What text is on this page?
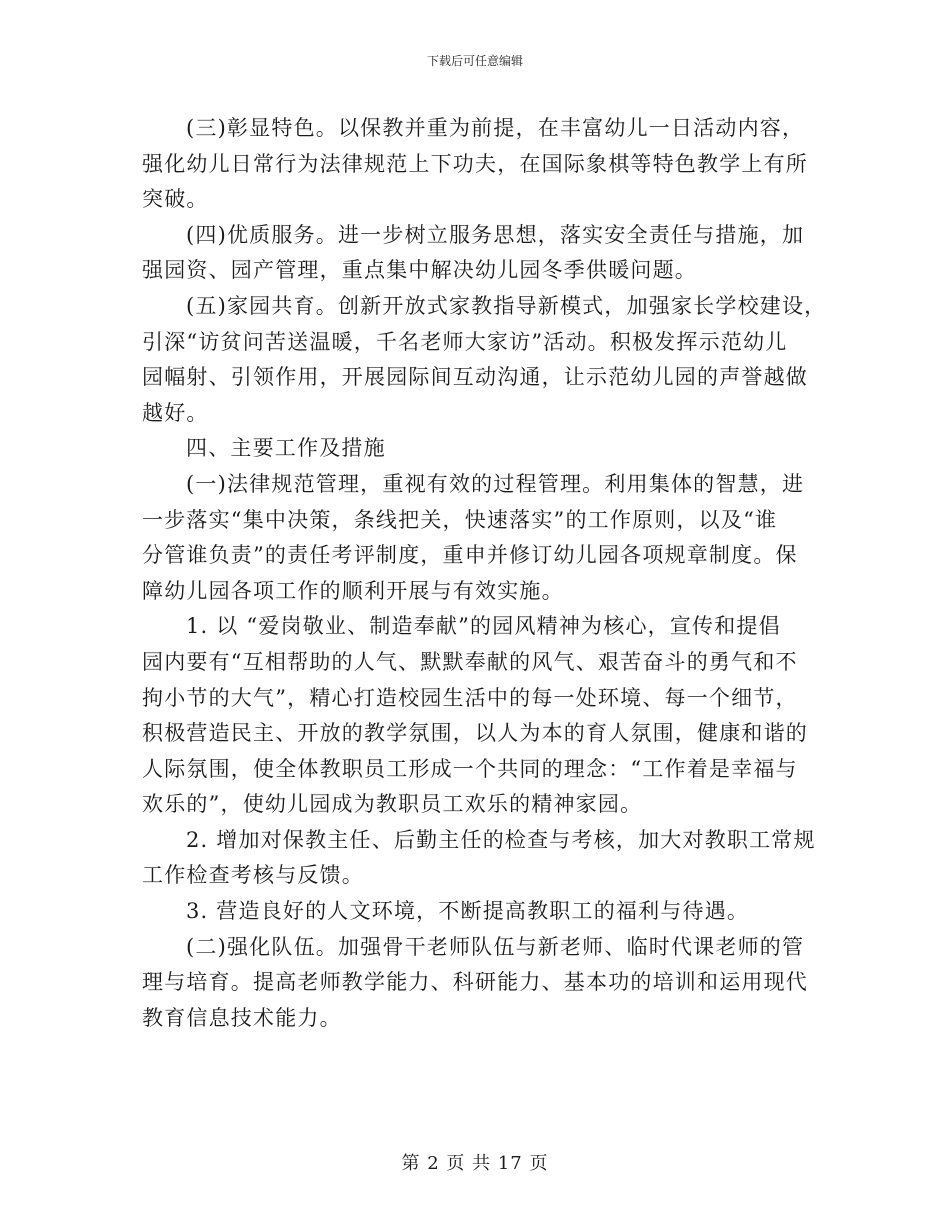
下载后可任意编辑

(三)彰显特色。以保教并重为前提，在丰富幼儿一日活动内容，
强化幼儿日常行为法律规范上下功夫，在国际象棋等特色教学上有所
突破。

(四)优质服务。进一步树立服务思想，落实安全责任与措施，加
强园资、园产管理，重点集中解决幼儿园冬季供暖问题。

(五)家园共育。创新开放式家教指导新模式，加强家长学校建设，
引深“访贫问苦送温暖，千名老师大家访”活动。积极发挥示范幼儿
园幅射、引领作用，开展园际间互动沟通，让示范幼儿园的声誉越做
越好。

四、主要工作及措施

(一)法律规范管理，重视有效的过程管理。利用集体的智慧，进
一步落实“集中决策，条线把关，快速落实”的工作原则，以及“谁
分管谁负责”的责任考评制度，重申并修订幼儿园各项规章制度。保
障幼儿园各项工作的顺利开展与有效实施。

1. 以 “爱岗敬业、制造奉献”的园风精神为核心，宣传和提倡
园内要有“互相帮助的人气、默默奉献的风气、艰苦奋斗的勇气和不
拘小节的大气”，精心打造校园生活中的每一处环境、每一个细节，
积极营造民主、开放的教学氛围，以人为本的育人氛围，健康和谐的
人际氛围，使全体教职员工形成一个共同的理念：“工作着是幸福与
欢乐的”，使幼儿园成为教职员工欢乐的精神家园。

2. 增加对保教主任、后勤主任的检查与考核，加大对教职工常规
工作检查考核与反馈。

3. 营造良好的人文环境，不断提高教职工的福利与待遇。

(二)强化队伍。加强骨干老师队伍与新老师、临时代课老师的管
理与培育。提高老师教学能力、科研能力、基本功的培训和运用现代
教育信息技术能力。

第 2 页 共 17 页
